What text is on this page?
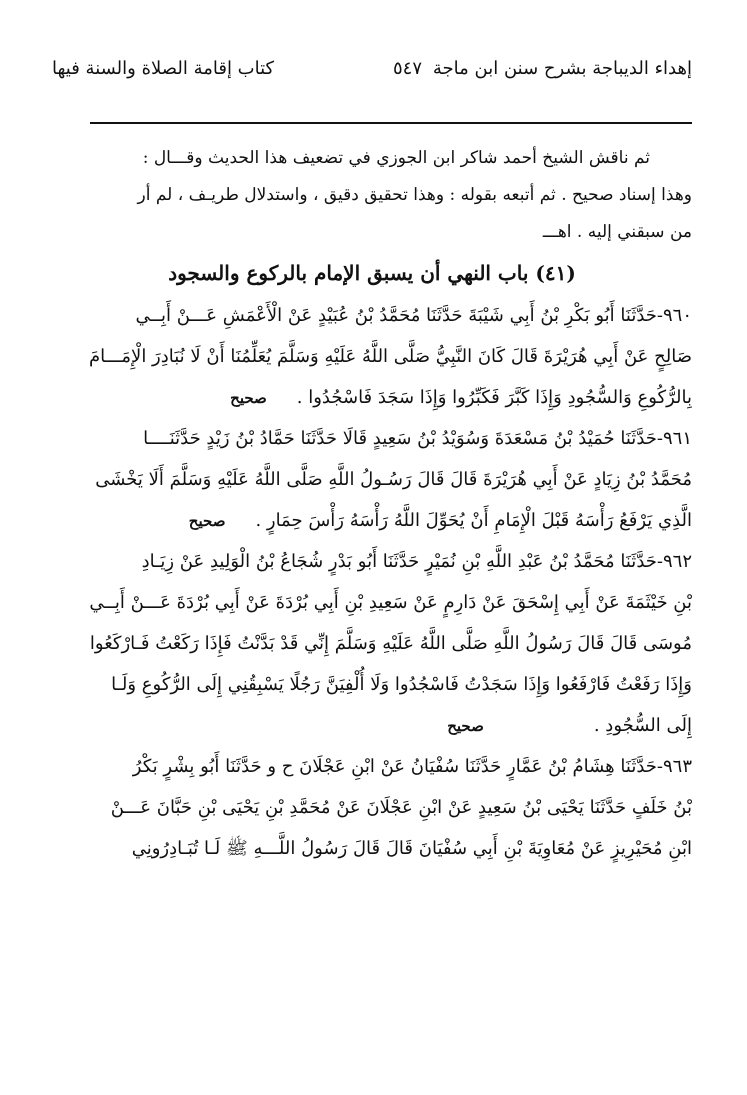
إهداء الديباجة بشرح سنن ابن ماجة
٥٤٧
كتاب إقامة الصلاة والسنة فيها
ثم ناقش الشيخ أحمد شاكر ابن الجوزي في تضعيف هذا الحديث وقـــال :
وهذا إسناد صحيح . ثم أتبعه بقوله : وهذا تحقيق دقيق ، واستدلال طريـف ، لم أر
من سبقني إليه . اهـــ
(٤١) باب النهي أن يسبق الإمام بالركوع والسجود
٩٦٠-حَدَّثَنَا أَبُو بَكْرِ بْنُ أَبِي شَيْبَةَ حَدَّثَنَا مُحَمَّدُ بْنُ عُبَيْدٍ عَنْ الْأَعْمَشِ عَـــنْ أَبِــي
صَالِحٍ عَنْ أَبِي هُرَيْرَةَ قَالَ كَانَ النَّبِيُّ صَلَّى اللَّهُ عَلَيْهِ وَسَلَّمَ يُعَلِّمُنَا أَنْ لَا نُبَادِرَ الْإِمَـــامَ
بِالرُّكُوعِ وَالسُّجُودِ وَإِذَا كَبَّرَ فَكَبِّرُوا وَإِذَا سَجَدَ فَاسْجُدُوا .صحيح
٩٦١-حَدَّثَنَا حُمَيْدُ بْنُ مَسْعَدَةَ وَسُوَيْدُ بْنُ سَعِيدٍ قَالَا حَدَّثَنَا حَمَّادُ بْنُ زَيْدٍ حَدَّثَنَــــا
مُحَمَّدُ بْنُ زِيَادٍ عَنْ أَبِي هُرَيْرَةَ قَالَ قَالَ رَسُـولُ اللَّهِ صَلَّى اللَّهُ عَلَيْهِ وَسَلَّمَ أَلَا يَخْشَى
الَّذِي يَرْفَعُ رَأْسَهُ قَبْلَ الْإِمَامِ أَنْ يُحَوِّلَ اللَّهُ رَأْسَهُ رَأْسَ حِمَارٍ .صحيح
٩٦٢-حَدَّثَنَا مُحَمَّدُ بْنُ عَبْدِ اللَّهِ بْنِ نُمَيْرٍ حَدَّثَنَا أَبُو بَدْرٍ شُجَاعُ بْنُ الْوَلِيدِ عَنْ زِيَـادِ
بْنِ خَيْثَمَةَ عَنْ أَبِي إِسْحَقَ عَنْ دَارِمٍ عَنْ سَعِيدِ بْنِ أَبِي بُرْدَةَ عَنْ أَبِي بُرْدَةَ عَـــنْ أَبِــي
مُوسَى قَالَ قَالَ رَسُولُ اللَّهِ صَلَّى اللَّهُ عَلَيْهِ وَسَلَّمَ إِنِّي قَدْ بَدَّنْتُ فَإِذَا رَكَعْتُ فَـارْكَعُوا
وَإِذَا رَفَعْتُ فَارْفَعُوا وَإِذَا سَجَدْتُ فَاسْجُدُوا وَلَا أُلْفِيَنَّ رَجُلًا يَسْبِقُنِي إِلَى الرُّكُوعِ وَلَـا
إِلَى السُّجُودِ .صحيح
٩٦٣-حَدَّثَنَا هِشَامُ بْنُ عَمَّارٍ حَدَّثَنَا سُفْيَانُ عَنْ ابْنِ عَجْلَانَ ح و حَدَّثَنَا أَبُو بِشْرٍ بَكْرُ
بْنُ خَلَفٍ حَدَّثَنَا يَحْيَى بْنُ سَعِيدٍ عَنْ ابْنِ عَجْلَانَ عَنْ مُحَمَّدِ بْنِ يَحْيَى بْنِ حَبَّانَ عَـــنْ
ابْنِ مُحَيْرِيزٍ عَنْ مُعَاوِيَةَ بْنِ أَبِي سُفْيَانَ قَالَ قَالَ رَسُولُ اللَّـــهِ ﷺ لَـا تُبَـادِرُونِي
